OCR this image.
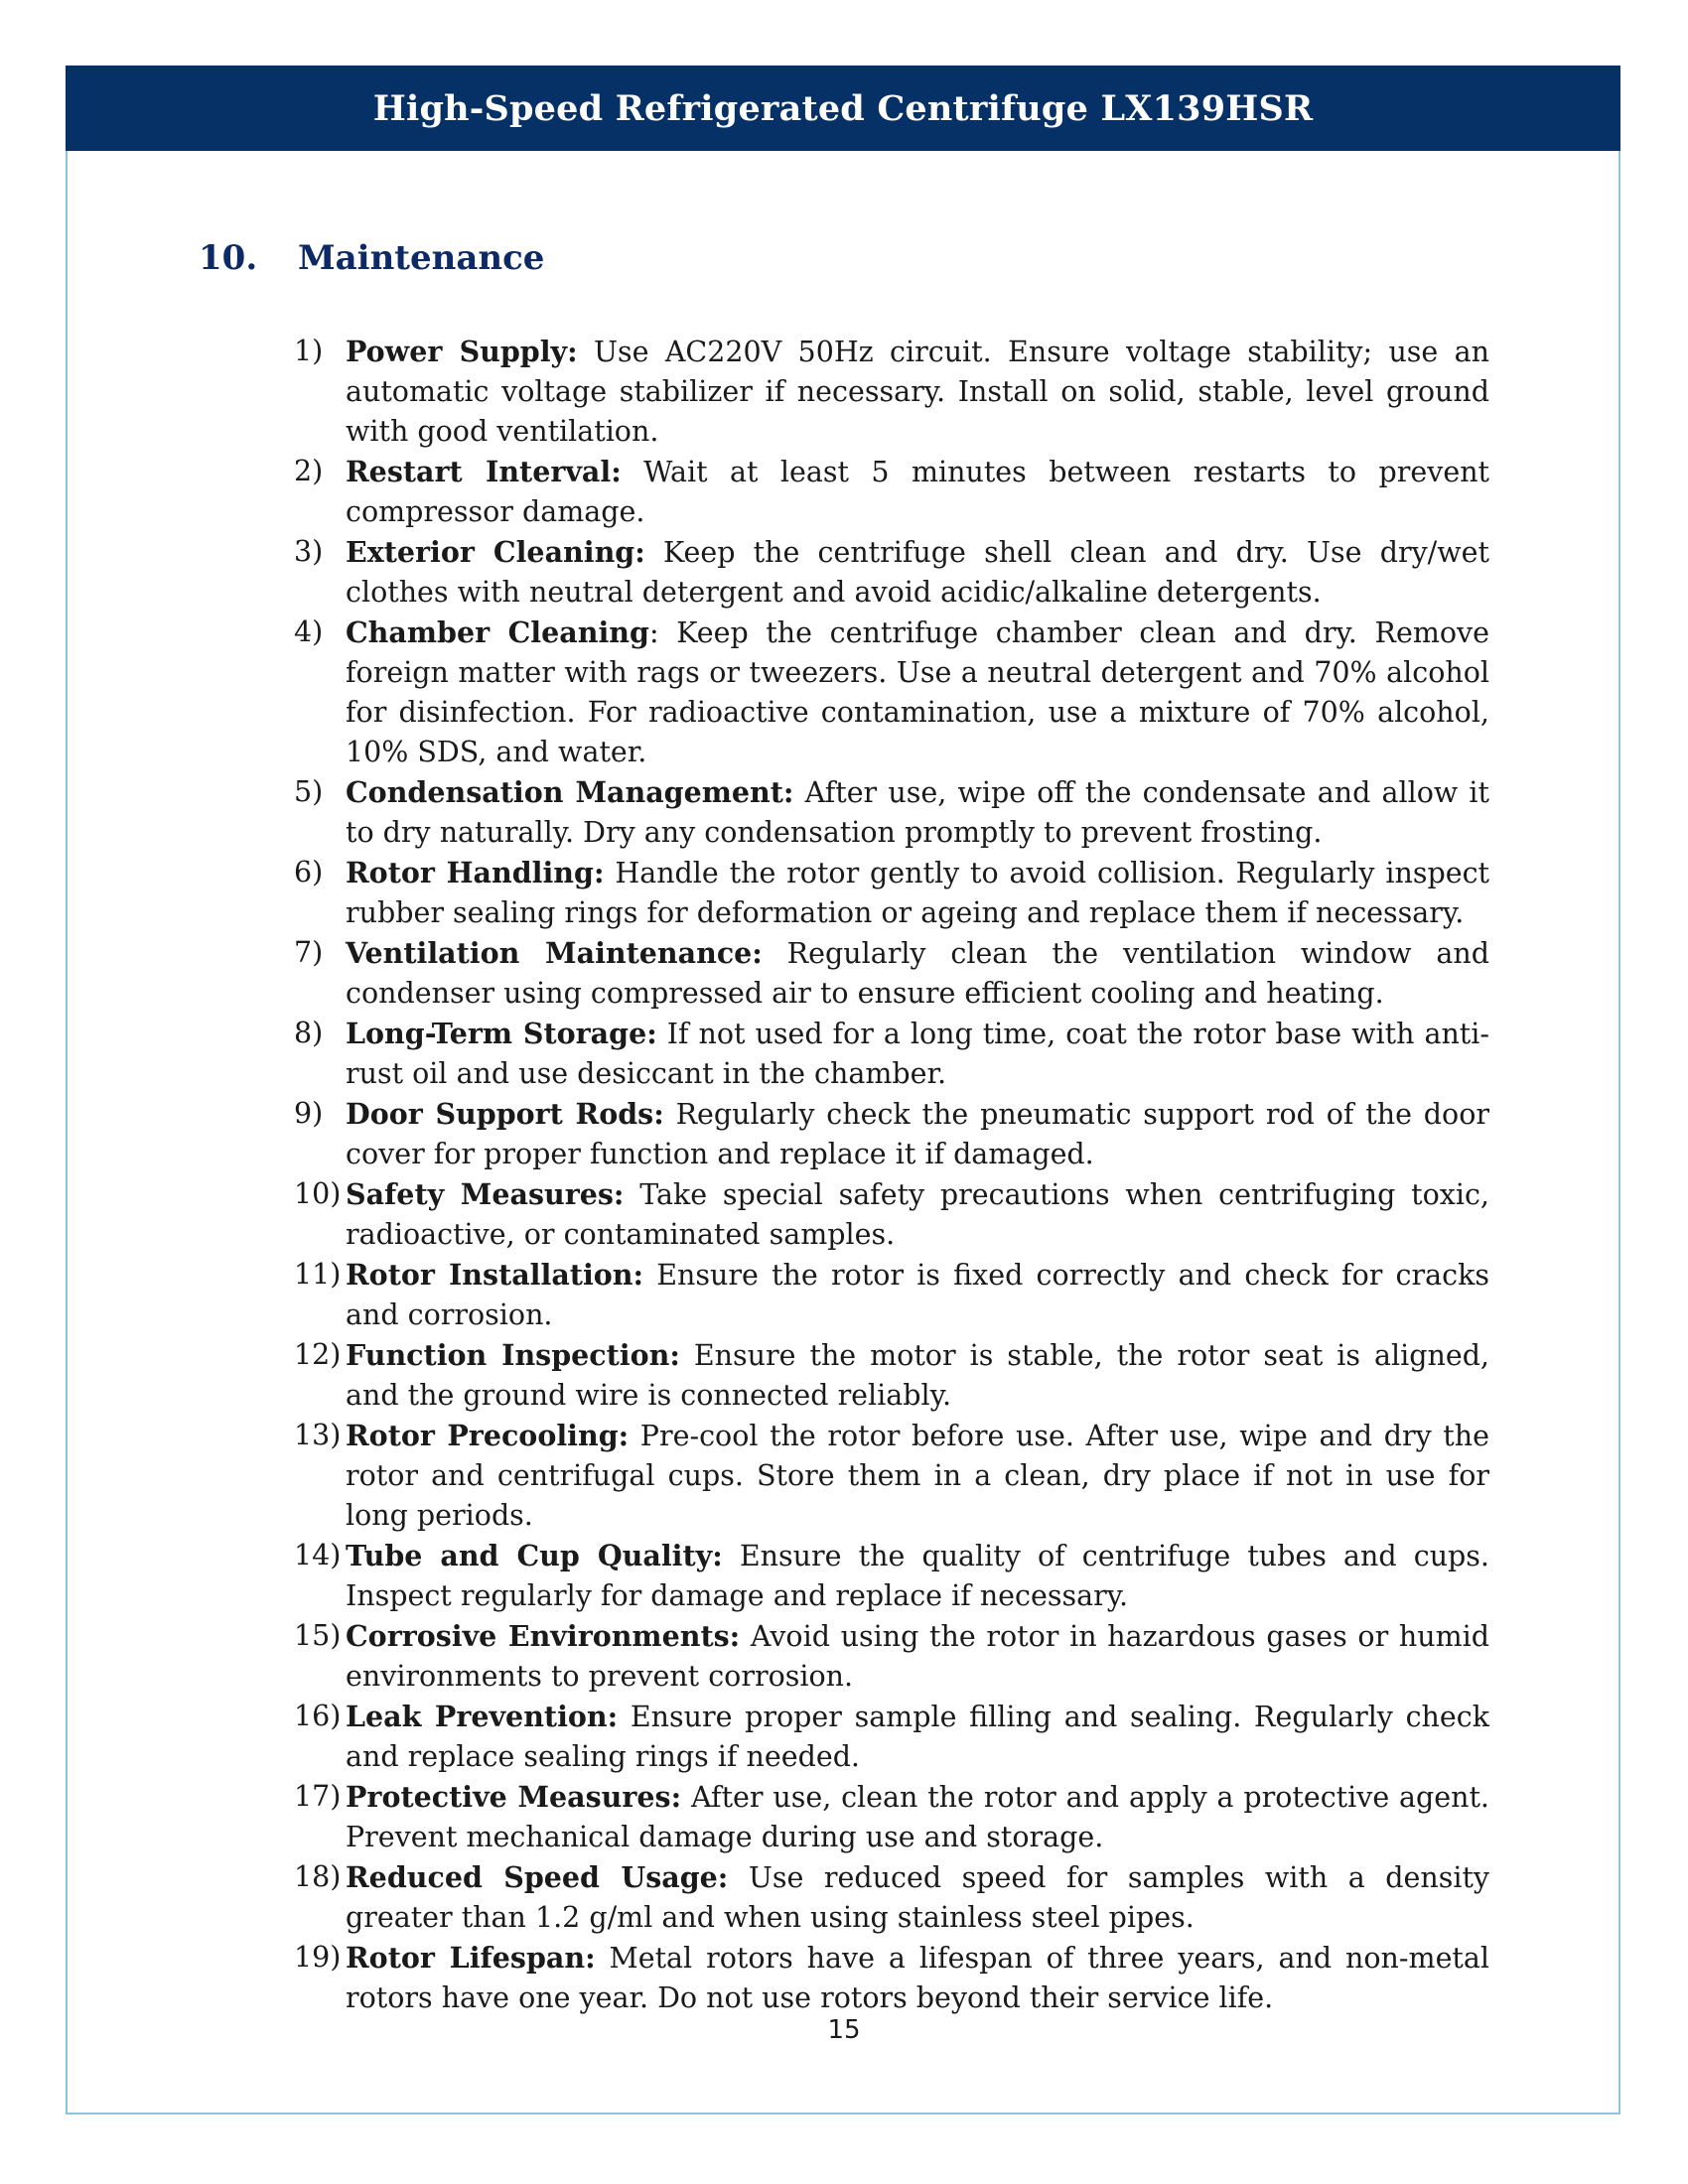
High-Speed Refrigerated Centrifuge LX139HSR
10.	Maintenance
1) Power Supply: Use AC220V 50Hz circuit. Ensure voltage stability; use an automatic voltage stabilizer if necessary. Install on solid, stable, level ground with good ventilation.
2) Restart Interval: Wait at least 5 minutes between restarts to prevent compressor damage.
3) Exterior Cleaning: Keep the centrifuge shell clean and dry. Use dry/wet clothes with neutral detergent and avoid acidic/alkaline detergents.
4) Chamber Cleaning: Keep the centrifuge chamber clean and dry. Remove foreign matter with rags or tweezers. Use a neutral detergent and 70% alcohol for disinfection. For radioactive contamination, use a mixture of 70% alcohol, 10% SDS, and water.
5) Condensation Management: After use, wipe off the condensate and allow it to dry naturally. Dry any condensation promptly to prevent frosting.
6) Rotor Handling: Handle the rotor gently to avoid collision. Regularly inspect rubber sealing rings for deformation or ageing and replace them if necessary.
7) Ventilation Maintenance: Regularly clean the ventilation window and condenser using compressed air to ensure efficient cooling and heating.
8) Long-Term Storage: If not used for a long time, coat the rotor base with anti-rust oil and use desiccant in the chamber.
9) Door Support Rods: Regularly check the pneumatic support rod of the door cover for proper function and replace it if damaged.
10) Safety Measures: Take special safety precautions when centrifuging toxic, radioactive, or contaminated samples.
11) Rotor Installation: Ensure the rotor is fixed correctly and check for cracks and corrosion.
12) Function Inspection: Ensure the motor is stable, the rotor seat is aligned, and the ground wire is connected reliably.
13) Rotor Precooling: Pre-cool the rotor before use. After use, wipe and dry the rotor and centrifugal cups. Store them in a clean, dry place if not in use for long periods.
14) Tube and Cup Quality: Ensure the quality of centrifuge tubes and cups. Inspect regularly for damage and replace if necessary.
15) Corrosive Environments: Avoid using the rotor in hazardous gases or humid environments to prevent corrosion.
16) Leak Prevention: Ensure proper sample filling and sealing. Regularly check and replace sealing rings if needed.
17) Protective Measures: After use, clean the rotor and apply a protective agent. Prevent mechanical damage during use and storage.
18) Reduced Speed Usage: Use reduced speed for samples with a density greater than 1.2 g/ml and when using stainless steel pipes.
19) Rotor Lifespan: Metal rotors have a lifespan of three years, and non-metal rotors have one year. Do not use rotors beyond their service life.
15
